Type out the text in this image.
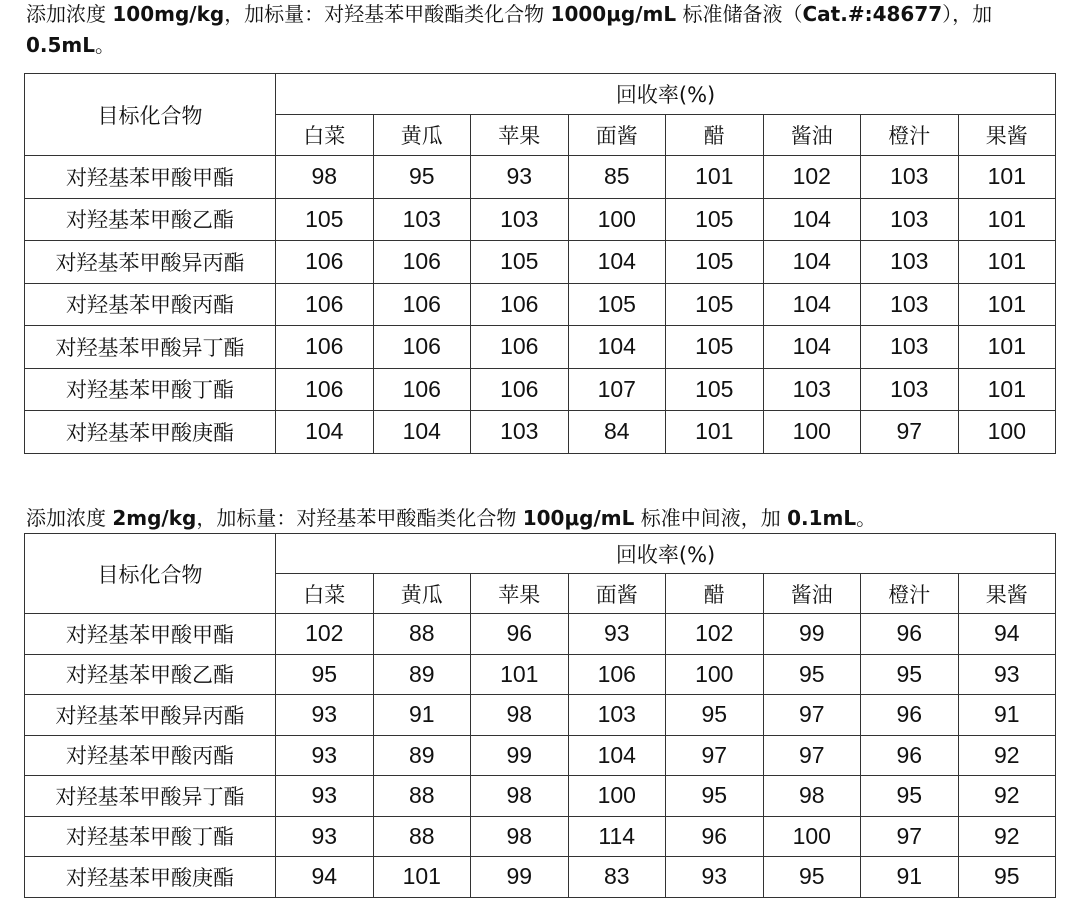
添加浓度 100mg/kg，加标量：对羟基苯甲酸酯类化合物 1000μg/mL 标准储备液（Cat.#:48677），加 0.5mL。
目标化合物	回收率(%)							
	白菜	黄瓜	苹果	面酱	醋	酱油	橙汁	果酱
对羟基苯甲酸甲酯	98	95	93	85	101	102	103	101
对羟基苯甲酸乙酯	105	103	103	100	105	104	103	101
对羟基苯甲酸异丙酯	106	106	105	104	105	104	103	101
对羟基苯甲酸丙酯	106	106	106	105	105	104	103	101
对羟基苯甲酸异丁酯	106	106	106	104	105	104	103	101
对羟基苯甲酸丁酯	106	106	106	107	105	103	103	101
对羟基苯甲酸庚酯	104	104	103	84	101	100	97	100
添加浓度 2mg/kg，加标量：对羟基苯甲酸酯类化合物 100μg/mL 标准中间液，加 0.1mL。
目标化合物	回收率(%)							
	白菜	黄瓜	苹果	面酱	醋	酱油	橙汁	果酱
对羟基苯甲酸甲酯	102	88	96	93	102	99	96	94
对羟基苯甲酸乙酯	95	89	101	106	100	95	95	93
对羟基苯甲酸异丙酯	93	91	98	103	95	97	96	91
对羟基苯甲酸丙酯	93	89	99	104	97	97	96	92
对羟基苯甲酸异丁酯	93	88	98	100	95	98	95	92
对羟基苯甲酸丁酯	93	88	98	114	96	100	97	92
对羟基苯甲酸庚酯	94	101	99	83	93	95	91	95
